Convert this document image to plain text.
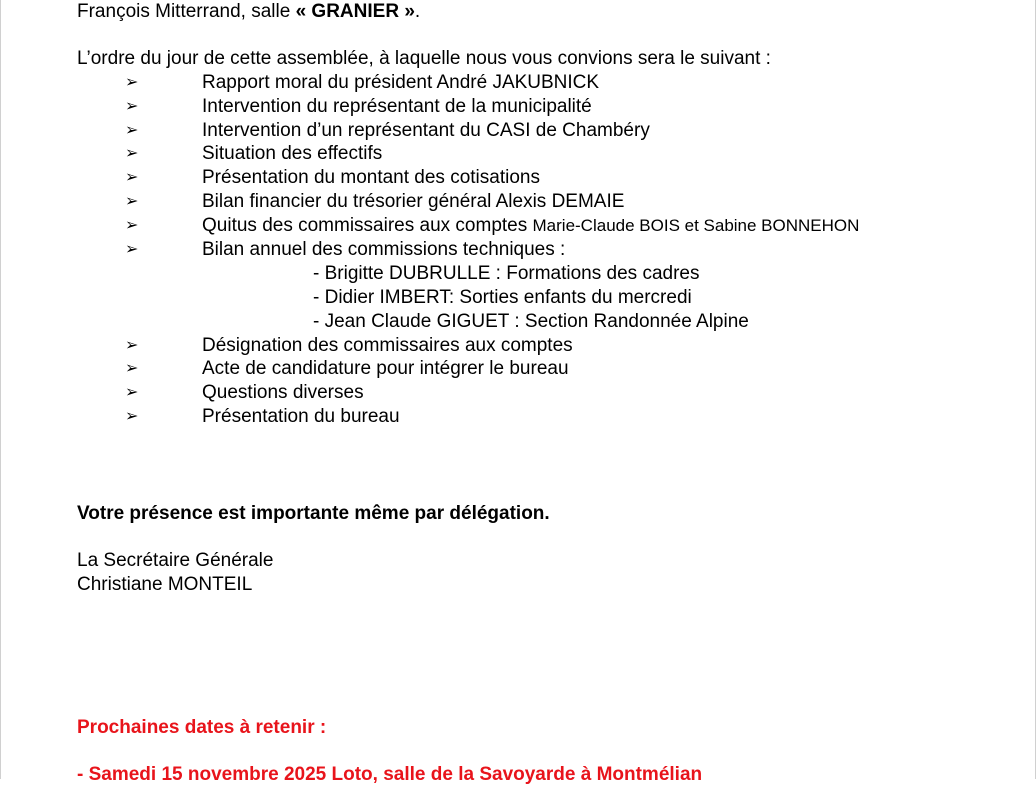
François Mitterrand, salle « GRANIER ».
L’ordre du jour de cette assemblée, à laquelle nous vous convions sera le suivant :
➢	Rapport moral du président André JAKUBNICK
➢	Intervention du représentant de la municipalité
➢	Intervention d’un représentant du CASI de Chambéry
➢	Situation des effectifs
➢	Présentation du montant des cotisations
➢	Bilan financier du trésorier général Alexis DEMAIE
➢	Quitus des commissaires aux comptes Marie-Claude BOIS et Sabine BONNEHON
➢	Bilan annuel des commissions techniques :
- Brigitte DUBRULLE : Formations des cadres
- Didier IMBERT: Sorties enfants du mercredi
- Jean Claude GIGUET : Section Randonnée Alpine
➢	Désignation des commissaires aux comptes
➢	Acte de candidature pour intégrer le bureau
➢	Questions diverses
➢	Présentation du bureau
Votre présence est importante même par délégation.
La Secrétaire Générale
Christiane MONTEIL
Prochaines dates à retenir :
- Samedi 15 novembre 2025 Loto, salle de la Savoyarde à Montmélian
